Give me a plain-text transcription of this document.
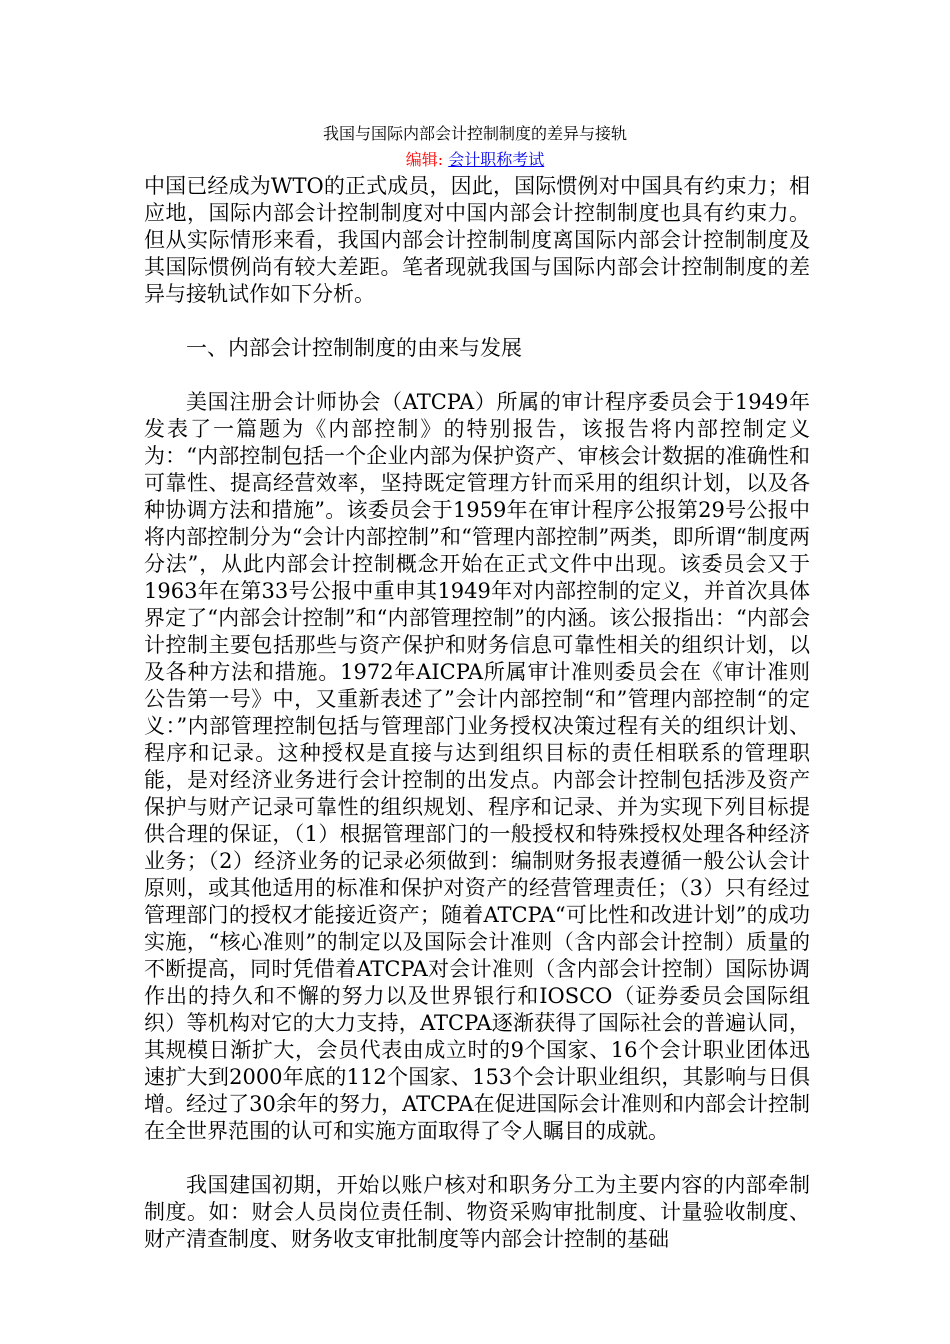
我国与国际内部会计控制制度的差异与接轨
编辑: 会计职称考试

中国已经成为WTO的正式成员，因此，国际惯例对中国具有约束力；相应地，国际内部会计控制制度对中国内部会计控制制度也具有约束力。但从实际情形来看，我国内部会计控制制度离国际内部会计控制制度及其国际惯例尚有较大差距。笔者现就我国与国际内部会计控制制度的差异与接轨试作如下分析。

一、内部会计控制制度的由来与发展

美国注册会计师协会（ATCPA）所属的审计程序委员会于1949年发表了一篇题为《内部控制》的特别报告，该报告将内部控制定义为：“内部控制包括一个企业内部为保护资产、审核会计数据的准确性和可靠性、提高经营效率，坚持既定管理方针而采用的组织计划，以及各种协调方法和措施”。该委员会于1959年在审计程序公报第29号公报中将内部控制分为“会计内部控制”和“管理内部控制”两类，即所谓“制度两分法”，从此内部会计控制概念开始在正式文件中出现。该委员会又于1963年在第33号公报中重申其1949年对内部控制的定义，并首次具体界定了“内部会计控制”和“内部管理控制”的内涵。该公报指出：“内部会计控制主要包括那些与资产保护和财务信息可靠性相关的组织计划，以及各种方法和措施。1972年AICPA所属审计准则委员会在《审计准则公告第一号》中，又重新表述了”会计内部控制“和”管理内部控制“的定义：”内部管理控制包括与管理部门业务授权决策过程有关的组织计划、程序和记录。这种授权是直接与达到组织目标的责任相联系的管理职能，是对经济业务进行会计控制的出发点。内部会计控制包括涉及资产保护与财产记录可靠性的组织规划、程序和记录、并为实现下列目标提供合理的保证，（1）根据管理部门的一般授权和特殊授权处理各种经济业务；（2）经济业务的记录必须做到：编制财务报表遵循一般公认会计原则，或其他适用的标准和保护对资产的经营管理责任；（3）只有经过管理部门的授权才能接近资产；随着ATCPA“可比性和改进计划”的成功实施，“核心准则”的制定以及国际会计准则（含内部会计控制）质量的不断提高，同时凭借着ATCPA对会计准则（含内部会计控制）国际协调作出的持久和不懈的努力以及世界银行和IOSCO（证券委员会国际组织）等机构对它的大力支持，ATCPA逐渐获得了国际社会的普遍认同，其规模日渐扩大，会员代表由成立时的9个国家、16个会计职业团体迅速扩大到2000年底的112个国家、153个会计职业组织，其影响与日俱增。经过了30余年的努力，ATCPA在促进国际会计准则和内部会计控制在全世界范围的认可和实施方面取得了令人瞩目的成就。

我国建国初期，开始以账户核对和职务分工为主要内容的内部牵制制度。如：财会人员岗位责任制、物资采购审批制度、计量验收制度、财产清查制度、财务收支审批制度等内部会计控制的基础
